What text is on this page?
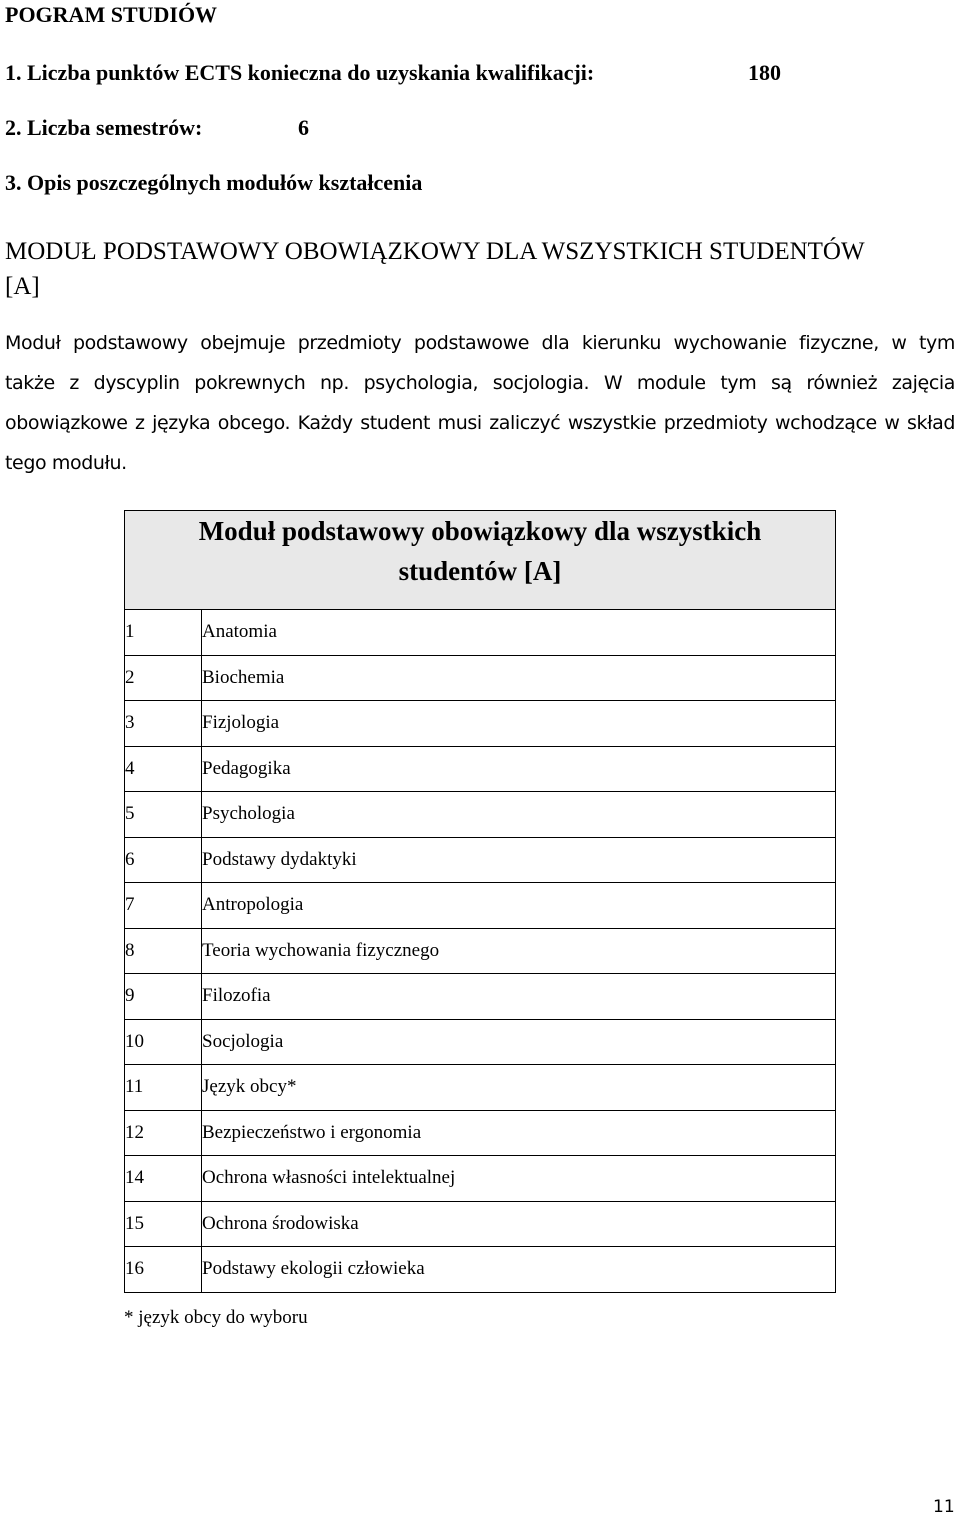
POGRAM STUDIÓW
1. Liczba punktów ECTS konieczna do uzyskania kwalifikacji:	180
2. Liczba semestrów:	6
3. Opis poszczególnych modułów kształcenia
MODUŁ PODSTAWOWY OBOWIĄZKOWY DLA WSZYSTKICH STUDENTÓW
[A]
Moduł podstawowy obejmuje przedmioty podstawowe dla kierunku wychowanie fizyczne, w tym
także z dyscyplin pokrewnych np. psychologia, socjologia. W module tym są również zajęcia
obowiązkowe z języka obcego. Każdy student musi zaliczyć wszystkie przedmioty wchodzące w skład
tego modułu.
Moduł podstawowy obowiązkowy dla wszystkich
studentów [A]	

1	Anatomia
2	Biochemia
3	Fizjologia
4	Pedagogika
5	Psychologia
6	Podstawy dydaktyki
7	Antropologia
8	Teoria wychowania fizycznego
9	Filozofia
10	Socjologia
11	Język obcy*
12	Bezpieczeństwo i ergonomia
14	Ochrona własności intelektualnej
15	Ochrona środowiska
16	Podstawy ekologii człowieka
* język obcy do wyboru
11
